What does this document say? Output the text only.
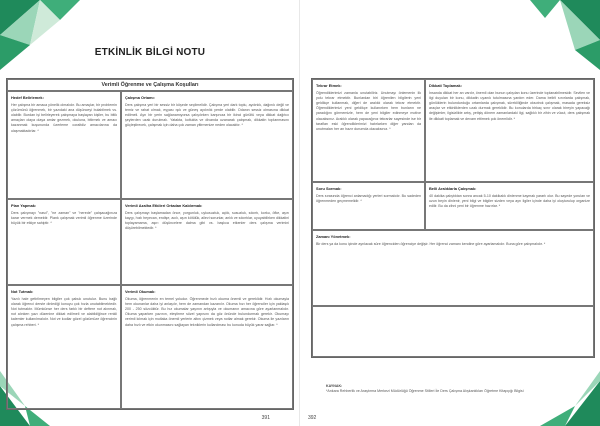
ETKİNLİK BİLGİ NOTU
Verimli Öğrenme ve Çalışma Koşulları

Hedef Belirlemek:

Her çalışma bir amaca yönelik olmalıdır. Bu amaçlar, bir problemin çözümünü öğrenmek, bir yazıdaki ana düşünceyi bulabilmek vs. olabilir. Burdan işi belirleyerek çalışmaya başlayan kişiler, bu bitik amaçları olaya olaya amlar gezmek, okuluna, bitirmek ve amacı kazanmak kuşununda üzerleme coraltdiz amacılarına da ulaşmaktadırlar. *

Çalışma Ortamı:

Ders çalışma yeri bir sessiz bir köşede seçilmelidir. Çalışma yeri dark toplu, aydınlık, dağınık değil ve temiz ve rahat olmalı, eşyası ışık ve güneş aydınlık yerde olabilir. Odanın sessiz olmasına dikkat edilmeli. Ayrı bir yerin sağlanamıyorsa çalışılırken karşınıza bir ikinci gürültü veya dikkat dağıtıcı şeylerden uzak durulmalı. Yatakta, koltukta ve divanda uzanarak çalışmak, dikkatin toplanmasını güçleştirecek, çalışmak için daha çok zaman yitirmenize neden olacaktır. *

Plan Yapmak:

Ders çalışmayı "nasıl", "ne zaman" ve "nerede" çalışacağınıza karar vermek demektir. Plank çalışmak verimli öğrenme üzerinde büyük bir etkiye sahiptir. *

Verimli Azalha Etkileri Ortadan Kaldırmak:

Ders çalışmayı başlamadan önce, yorgunluk, uykusuzluk, açlık, susuzluk, sıkıntı, korku, öfke, aşırı kaygı, hızlı heyecan, endişe, acılı, aşırı kötülük, ailevi sorunlar, anlık ve sıkıntılar, uyuyabilirken dikkatini toplayamama, aşırı düşüncelere dalma gibi vs. başlıca etkenler ders çalışma verimini düşürebilmektedir. *

Not Tutmak:

Yazılı hale getirilmeyen bilgiler çok çabuk unutulur. Bunu bağlı olarak öğrenci derste dinlediği konuyu çok hızla unutabilmektedir. Not tutmaktır. Mümkünse her ders farklı bir deftere not alınmalı, not alınken yazı düzenine dikkat edilmeli ve alabildiğince renkli kalemler kullanılmalıdır. Not ve kodlar gözel gözümüze öğrencinin çalışma rehberi. *

Verimli Okumak:

Okuma, öğrenmenin en temel yoludur. Öğrenmede hızlı okuma önemli ve gereklidir. Hızlı okumayla hem okunanlar daha iyi anlaşılır, hem de zamandan kazanılır. Okuma hızı her öğrenciler için yaklaşık 200 - 250 sözcüktür. Bu hız okumalar yaşının artışıyla ve okumanın amacına göre ayarlanmalıdır. Okuma yaparken yazının, eleştirme sözel yapısını da göz önünde bulundurmak gerekir. Okumayı verimli kılmak için mutlaka önemli yerlerin altını çizmek veya notlar almak gerekir. Okuma ile yazıların daha hızlı ve etkin okunmasını sağlayan tekniklerin kullanılması bu konuda büyük yarar sağlar. *

391

Tekrar Etmek:

Öğrendiklerimizi zamanla unutabiliriz. Unutmayı önlemenin ilk yolu tekrar etmektir. Bunlardan biri öğrenilen bilgilerin yeni geldikçe kullanmak, diğeri de aralıklı olarak tekrar etmektir. Öğrendiklerimizi yeni geldikçe kullanırken hem bunların ne yaradığını görmemizle, hem de yeni bilgiler edinmeye motive olacaksınız. Aralıklı olarak yapacağınız tekrarlar sayesinde ise bir tarafları eski öğrendiklerimizi hatırlarken diğer yandan da unutmaları her an hazır durumda olacaksınız. *

Dikkati Toplamak:

İnsanda dikkat her an vardır, önemli olan bunun çalışılan konu üzerinde toplanabilmesidir. Sevilen ve ilgi duyulan bir konu, dikkatin uyanık tutulmasına yardım eder. Dama belirli sınırlarda çalışmak, günlüklerin bulundurduğu ortamlarda çalışmak, sürekliliğinde oksotrok çalışmak, masada gereksiz araçlar ve etkinliklerden uzak durmak gereklidir. Bu konularda birkaç sınır olarak bireyin yapacağı değişimler, ilgisizlikte artış, yetişiş dönem zamanlardaki ilgi, sağlıklı bir zihin ve vücut, ders çalışmak ile dikkati toplamak ve devam ettirmek çok önemlidir. *

Soru Sormak:

Ders sırasında öğrenci anlamadığı yerleri sormalıdır. Bu sadeden öğrenmeden geçmemelidir. *

Belli Aralıklarla Çalışmak:

40 dakika çalıştıktan sonra ancak 5-10 dakikalık dinlenme kaymak yararlı olur. Bu sayede yorulan ve uzun beyin dinlenir, yeni bilgi ve bilgiler sizden veya ayrı ilgiler içinde daha iyi oluşturulup organize edilir. Bu da zihni yeni bir öğrenme hazırlar. *

Zamanı Yönetmek:

Bir ders ya da konu içinde ayrılacak süre öğrenciden öğrenciye değişir. Her öğrenci zamanı kendine göre ayarlamalıdır. Buna göre çalışmalıdır. *

KAYNAK:

*Ankara Rehberlik ve Araştırma Merkezi Müdürlüğü Öğrenme Stilleri İle Ders Çalışma Alışkanlıkları Öğretme Kitapçığı Bilgisi

392
